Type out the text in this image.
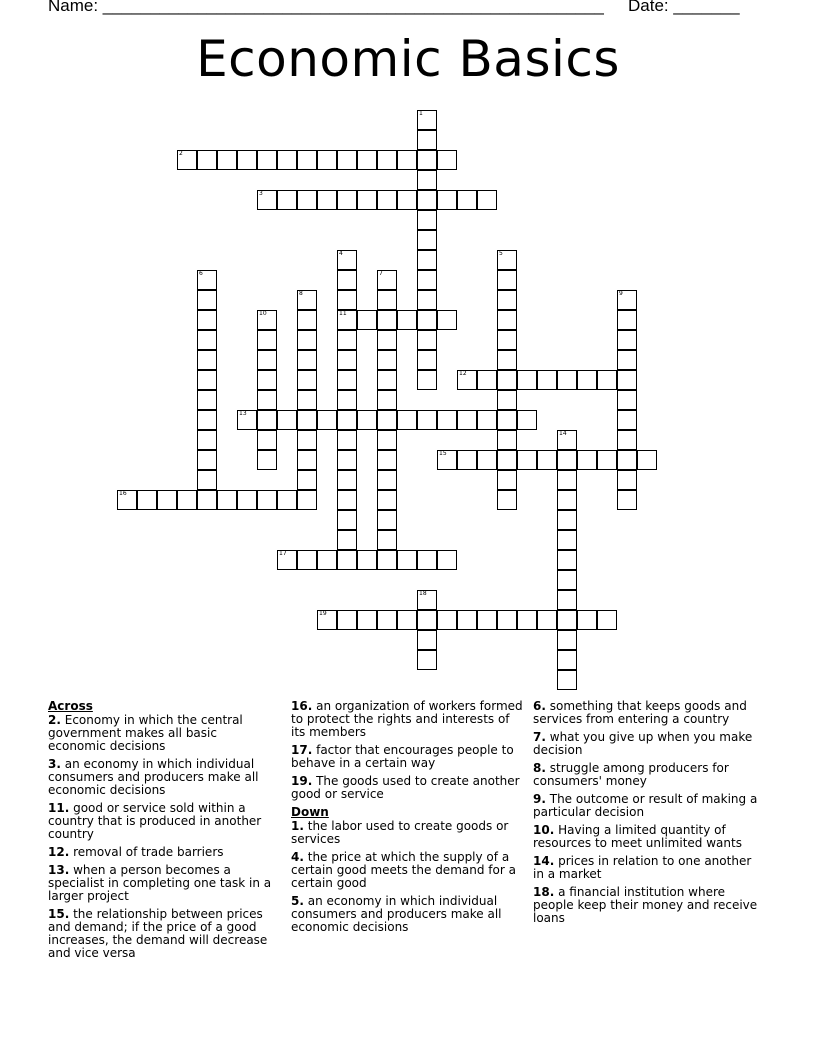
Name: _____________________________________________________ Date: _______
Economic Basics
1
2
3
4
11
5
6	7
8	9
10
12
13
14
15
16
17
18
19
Across
2. Economy in which the central government makes all basic economic decisions
3. an economy in which individual consumers and producers make all economic decisions
11. good or service sold within a country that is produced in another country
12. removal of trade barriers
13. when a person becomes a specialist in completing one task in a larger project
15. the relationship between prices and demand; if the price of a good increases, the demand will decrease and vice versa
16. an organization of workers formed to protect the rights and interests of its members
17. factor that encourages people to behave in a certain way
19. The goods used to create another good or service
Down
1. the labor used to create goods or services
4. the price at which the supply of a certain good meets the demand for a certain good
5. an economy in which individual consumers and producers make all economic decisions
6. something that keeps goods and services from entering a country
7. what you give up when you make decision
8. struggle among producers for consumers' money
9. The outcome or result of making a particular decision
10. Having a limited quantity of resources to meet unlimited wants
14. prices in relation to one another in a market
18. a financial institution where people keep their money and receive loans
